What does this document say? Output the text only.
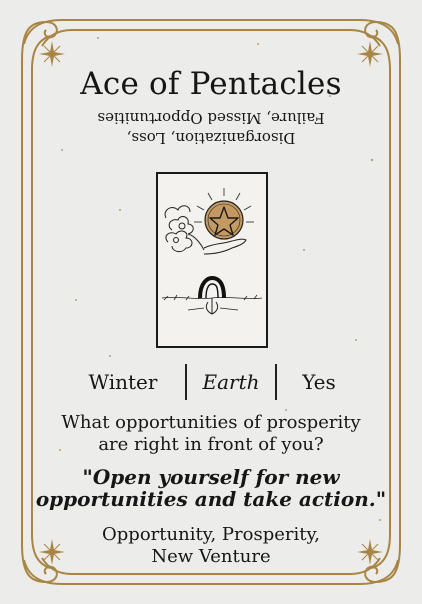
Ace of Pentacles
Disorganization, Loss,
Failure, Missed Opportunities
Winter	Earth	Yes
What opportunities of prosperity
are right in front of you?
"Open yourself for new
opportunities and take action."
Opportunity, Prosperity,
New Venture
